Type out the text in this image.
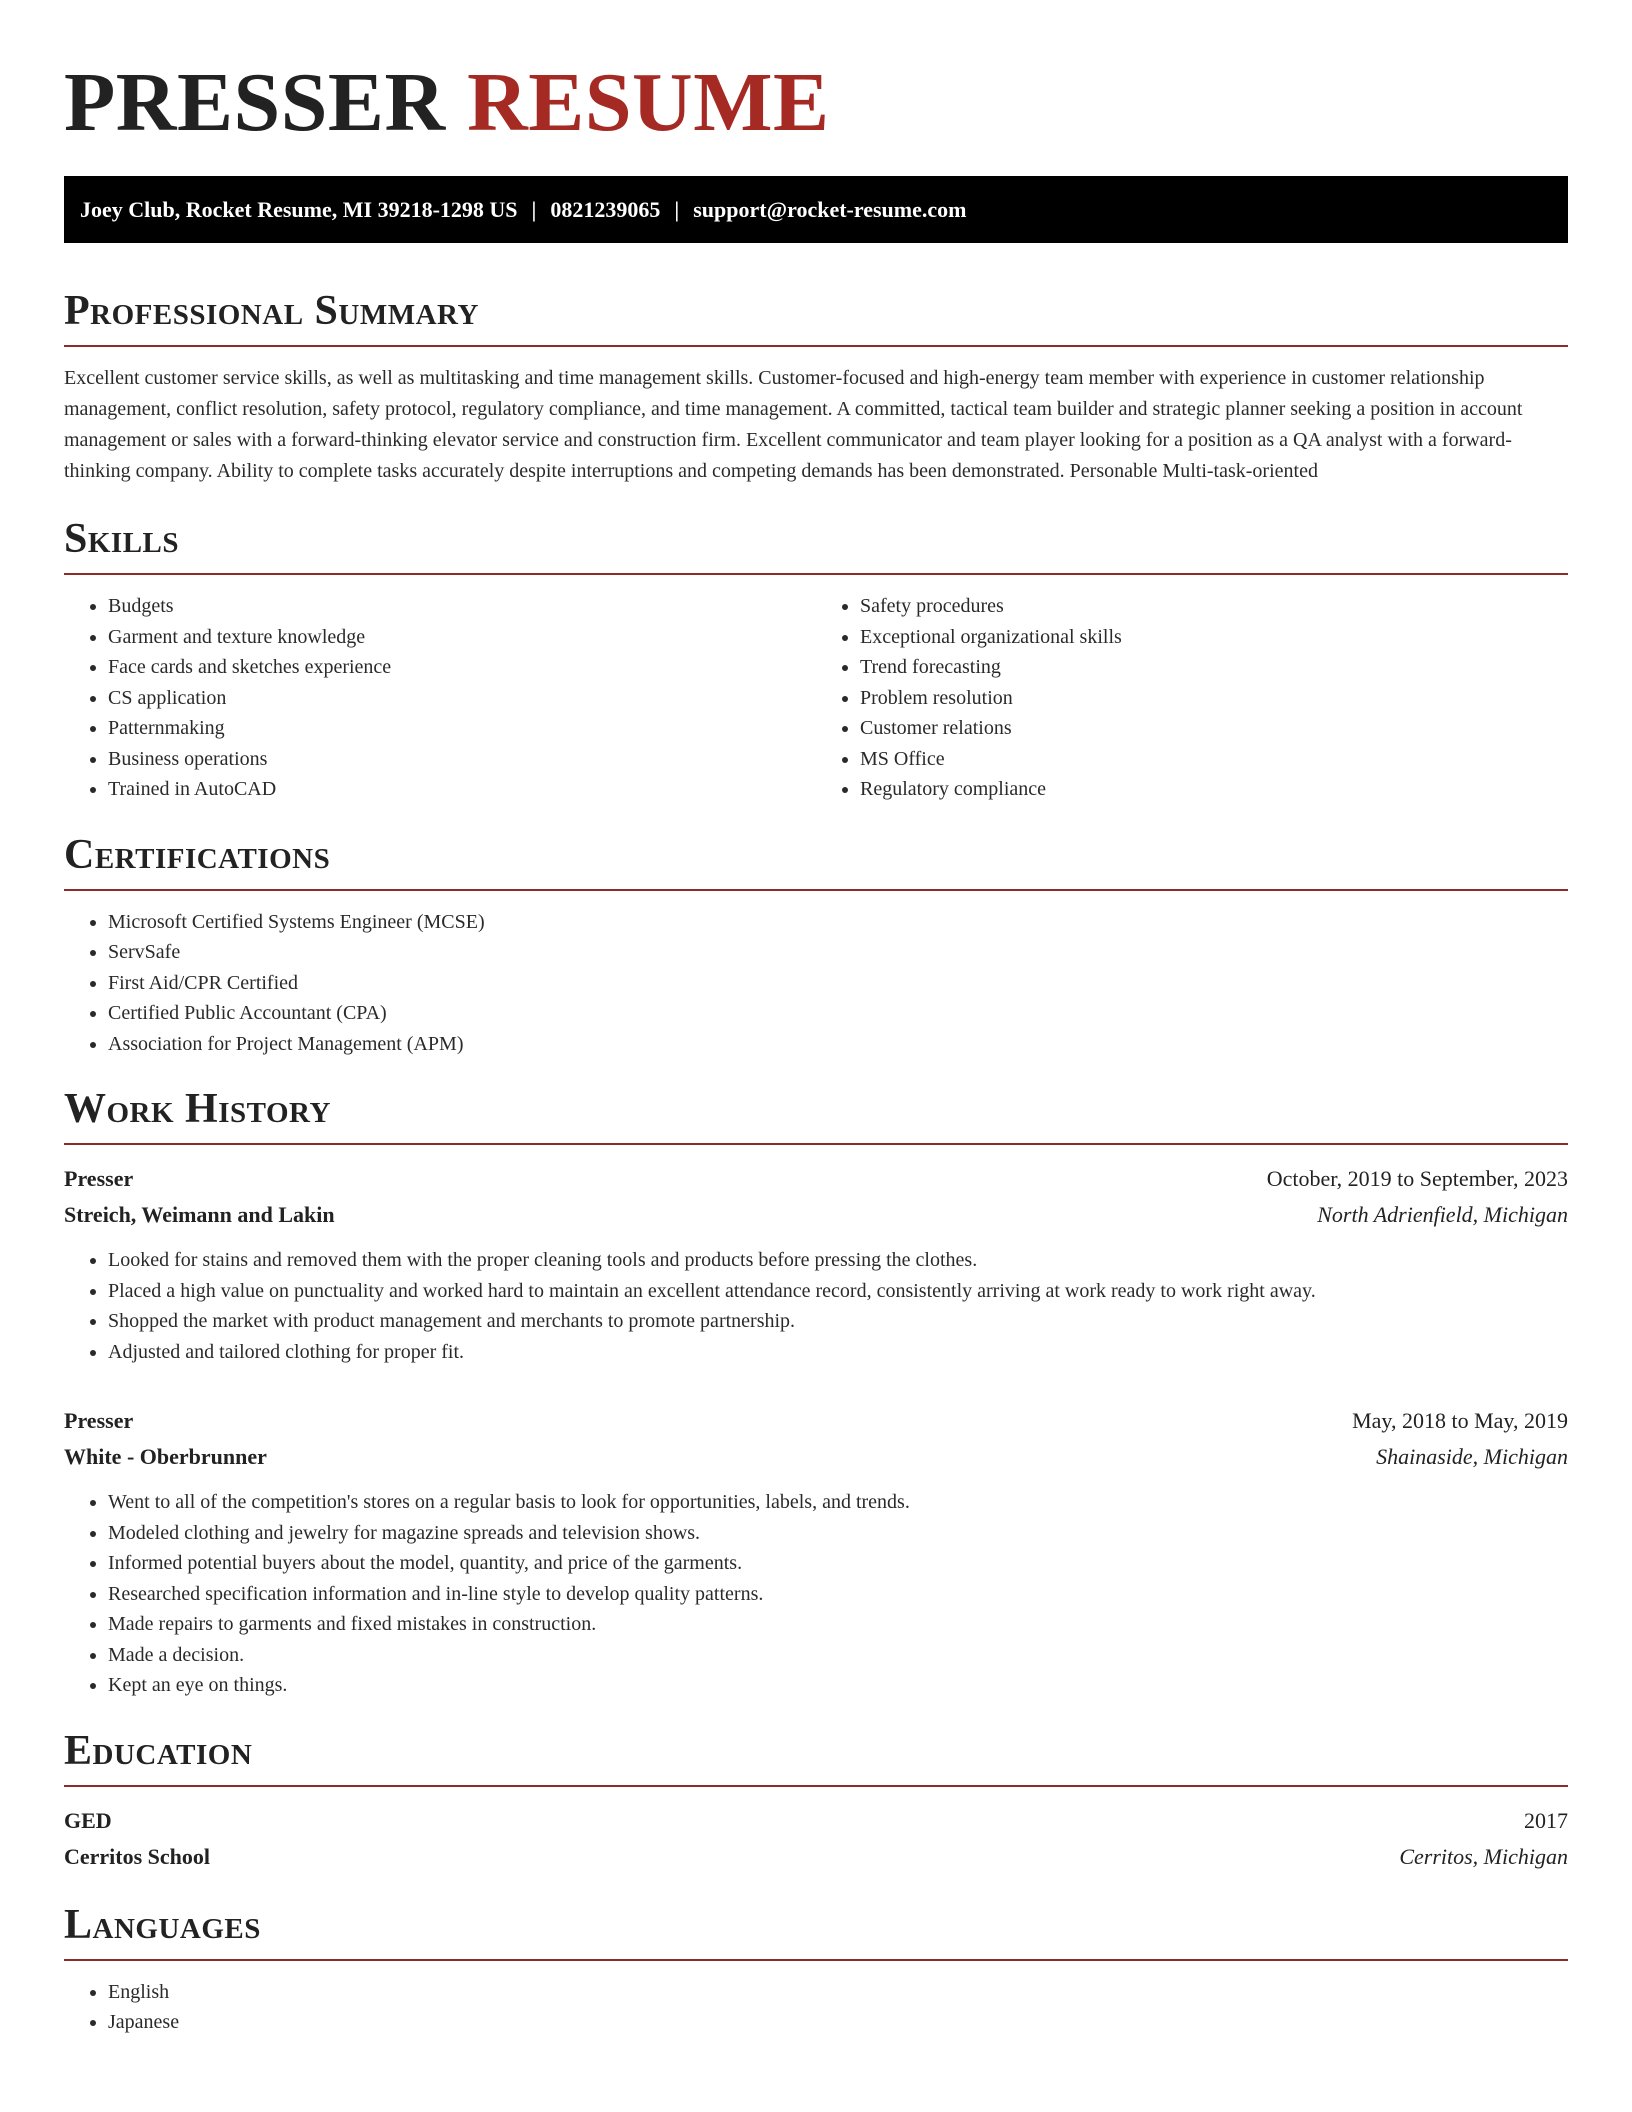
PRESSER RESUME
Joey Club, Rocket Resume, MI 39218-1298 US | 0821239065 | support@rocket-resume.com
Professional Summary

Excellent customer service skills, as well as multitasking and time management skills. Customer-focused and high-energy team member with experience in customer relationship management, conflict resolution, safety protocol, regulatory compliance, and time management. A committed, tactical team builder and strategic planner seeking a position in account management or sales with a forward-thinking elevator service and construction firm. Excellent communicator and team player looking for a position as a QA analyst with a forward-thinking company. Ability to complete tasks accurately despite interruptions and competing demands has been demonstrated. Personable Multi-task-oriented

Skills
• Budgets
• Garment and texture knowledge
• Face cards and sketches experience
• CS application
• Patternmaking
• Business operations
• Trained in AutoCAD
• Safety procedures
• Exceptional organizational skills
• Trend forecasting
• Problem resolution
• Customer relations
• MS Office
• Regulatory compliance
Certifications
• Microsoft Certified Systems Engineer (MCSE)
• ServSafe
• First Aid/CPR Certified
• Certified Public Accountant (CPA)
• Association for Project Management (APM)
Work History
Presser	October, 2019 to September, 2023
Streich, Weimann and Lakin	North Adrienfield, Michigan
• Looked for stains and removed them with the proper cleaning tools and products before pressing the clothes.
• Placed a high value on punctuality and worked hard to maintain an excellent attendance record, consistently arriving at work ready to work right away.
• Shopped the market with product management and merchants to promote partnership.
• Adjusted and tailored clothing for proper fit.
Presser	May, 2018 to May, 2019
White - Oberbrunner	Shainaside, Michigan
• Went to all of the competition's stores on a regular basis to look for opportunities, labels, and trends.
• Modeled clothing and jewelry for magazine spreads and television shows.
• Informed potential buyers about the model, quantity, and price of the garments.
• Researched specification information and in-line style to develop quality patterns.
• Made repairs to garments and fixed mistakes in construction.
• Made a decision.
• Kept an eye on things.
Education
GED	2017
Cerritos School	Cerritos, Michigan
Languages
• English
• Japanese
